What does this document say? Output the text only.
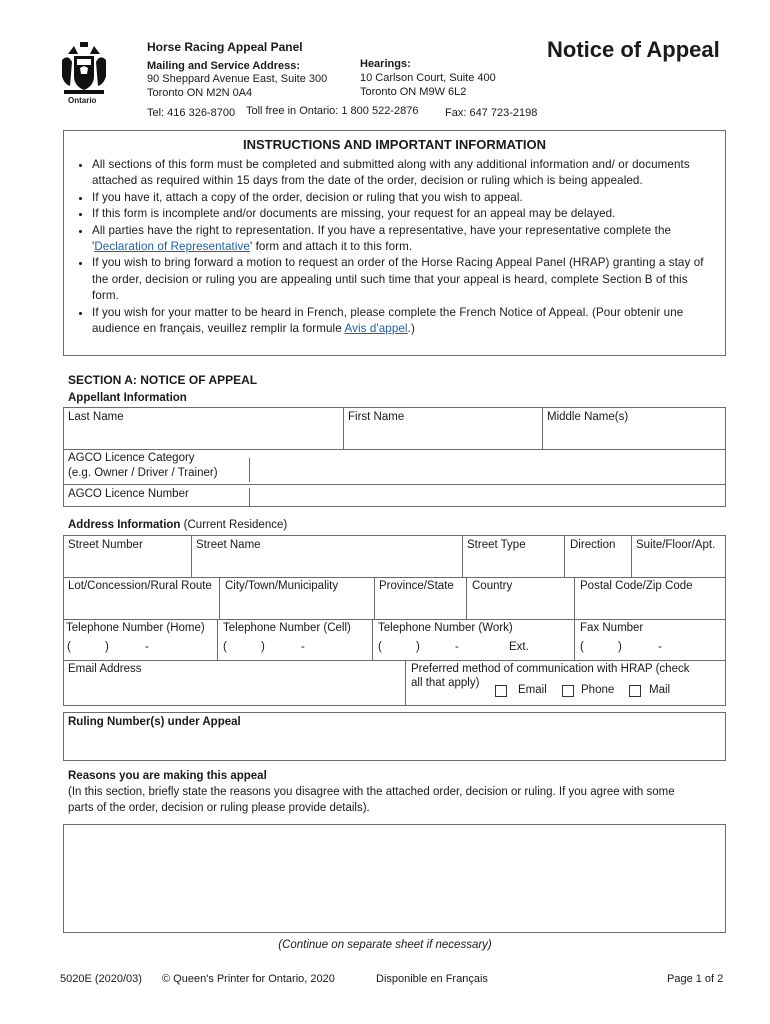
Ontario
Horse Racing Appeal Panel
Mailing and Service Address:
90 Sheppard Avenue East, Suite 300
Toronto ON M2N 0A4
Hearings:
10 Carlson Court, Suite 400
Toronto ON M9W 6L2
Notice of Appeal
Tel: 416 326-8700 Toll free in Ontario: 1 800 522-2876 Fax: 647 723-2198
INSTRUCTIONS AND IMPORTANT INFORMATION
• All sections of this form must be completed and submitted along with any additional information and/ or documents attached as required within 15 days from the date of the order, decision or ruling which is being appealed.
• If you have it, attach a copy of the order, decision or ruling that you wish to appeal.
• If this form is incomplete and/or documents are missing, your request for an appeal may be delayed.
• All parties have the right to representation. If you have a representative, have your representative complete the 'Declaration of Representative' form and attach it to this form.
• If you wish to bring forward a motion to request an order of the Horse Racing Appeal Panel (HRAP) granting a stay of the order, decision or ruling you are appealing until such time that your appeal is heard, complete Section B of this form.
• If you wish for your matter to be heard in French, please complete the French Notice of Appeal. (Pour obtenir une audience en français, veuillez remplir la formule Avis d'appel.)
SECTION A: NOTICE OF APPEAL
Appellant Information
Last Name	First Name	Middle Name(s)
AGCO Licence Category
(e.g. Owner / Driver / Trainer)
AGCO Licence Number
Address Information (Current Residence)
Street Number	Street Name	Street Type	Direction Suite/Floor/Apt.
Lot/Concession/Rural Route City/Town/Municipality	Province/State Country	Postal Code/Zip Code
Telephone Number (Home) Telephone Number (Cell) Telephone Number (Work)	Fax Number
(	)	-	(	)	-	(	)	-	Ext.	(	)	-
Email Address	Preferred method of communication with HRAP (check
all that apply)
Email	Phone	Mail
Ruling Number(s) under Appeal
Reasons you are making this appeal
(In this section, briefly state the reasons you disagree with the attached order, decision or ruling. If you agree with some
parts of the order, decision or ruling please provide details).
(Continue on separate sheet if necessary)
5020E (2020/03) © Queen's Printer for Ontario, 2020	Disponible en Français	Page 1 of 2
